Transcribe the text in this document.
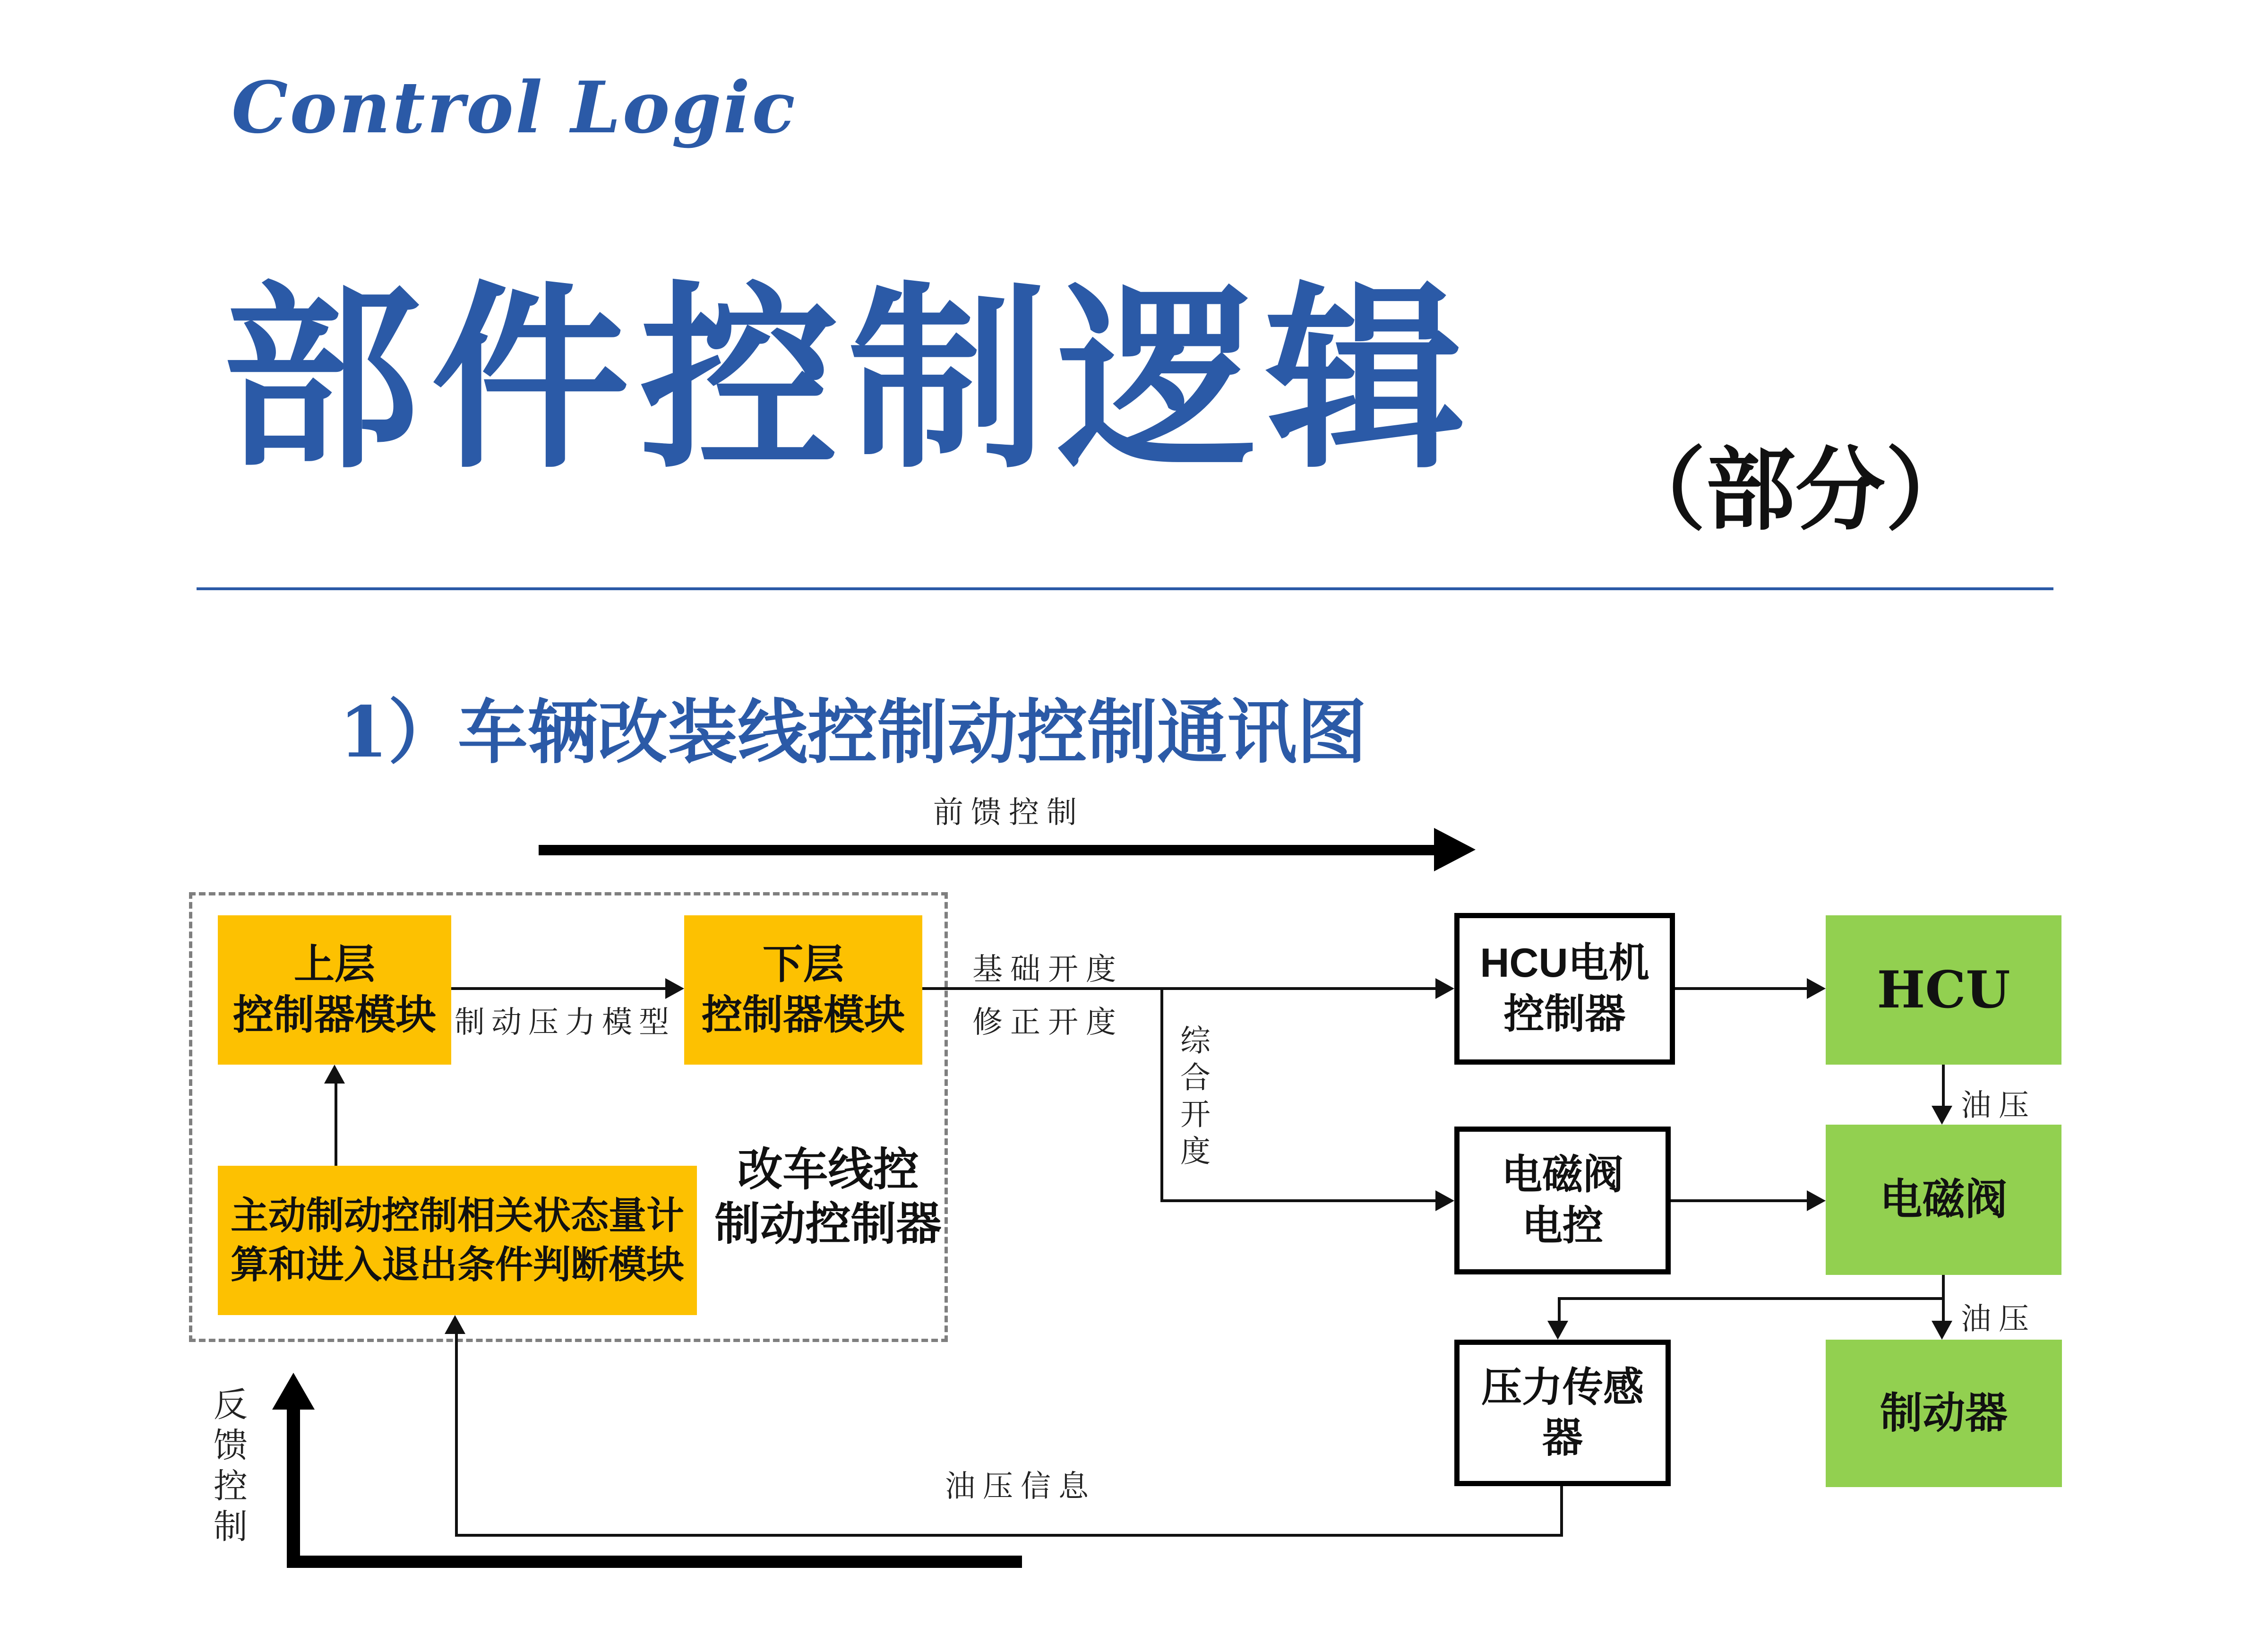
Control Logic
部件控制逻辑 （部分）
1）车辆改装线控制动控制通讯图
前馈控制
改车线控
制动控制器
上层
控制器模块
下层
控制器模块
主动制动控制相关状态量计
算和进入退出条件判断模块
HCU电机
控制器
电磁阀
电控
压力传感
器
HCU
电磁阀
制动器
制动压力模型
基础开度
修正开度
综合开度	油压
油压
油压信息
反馈控制
